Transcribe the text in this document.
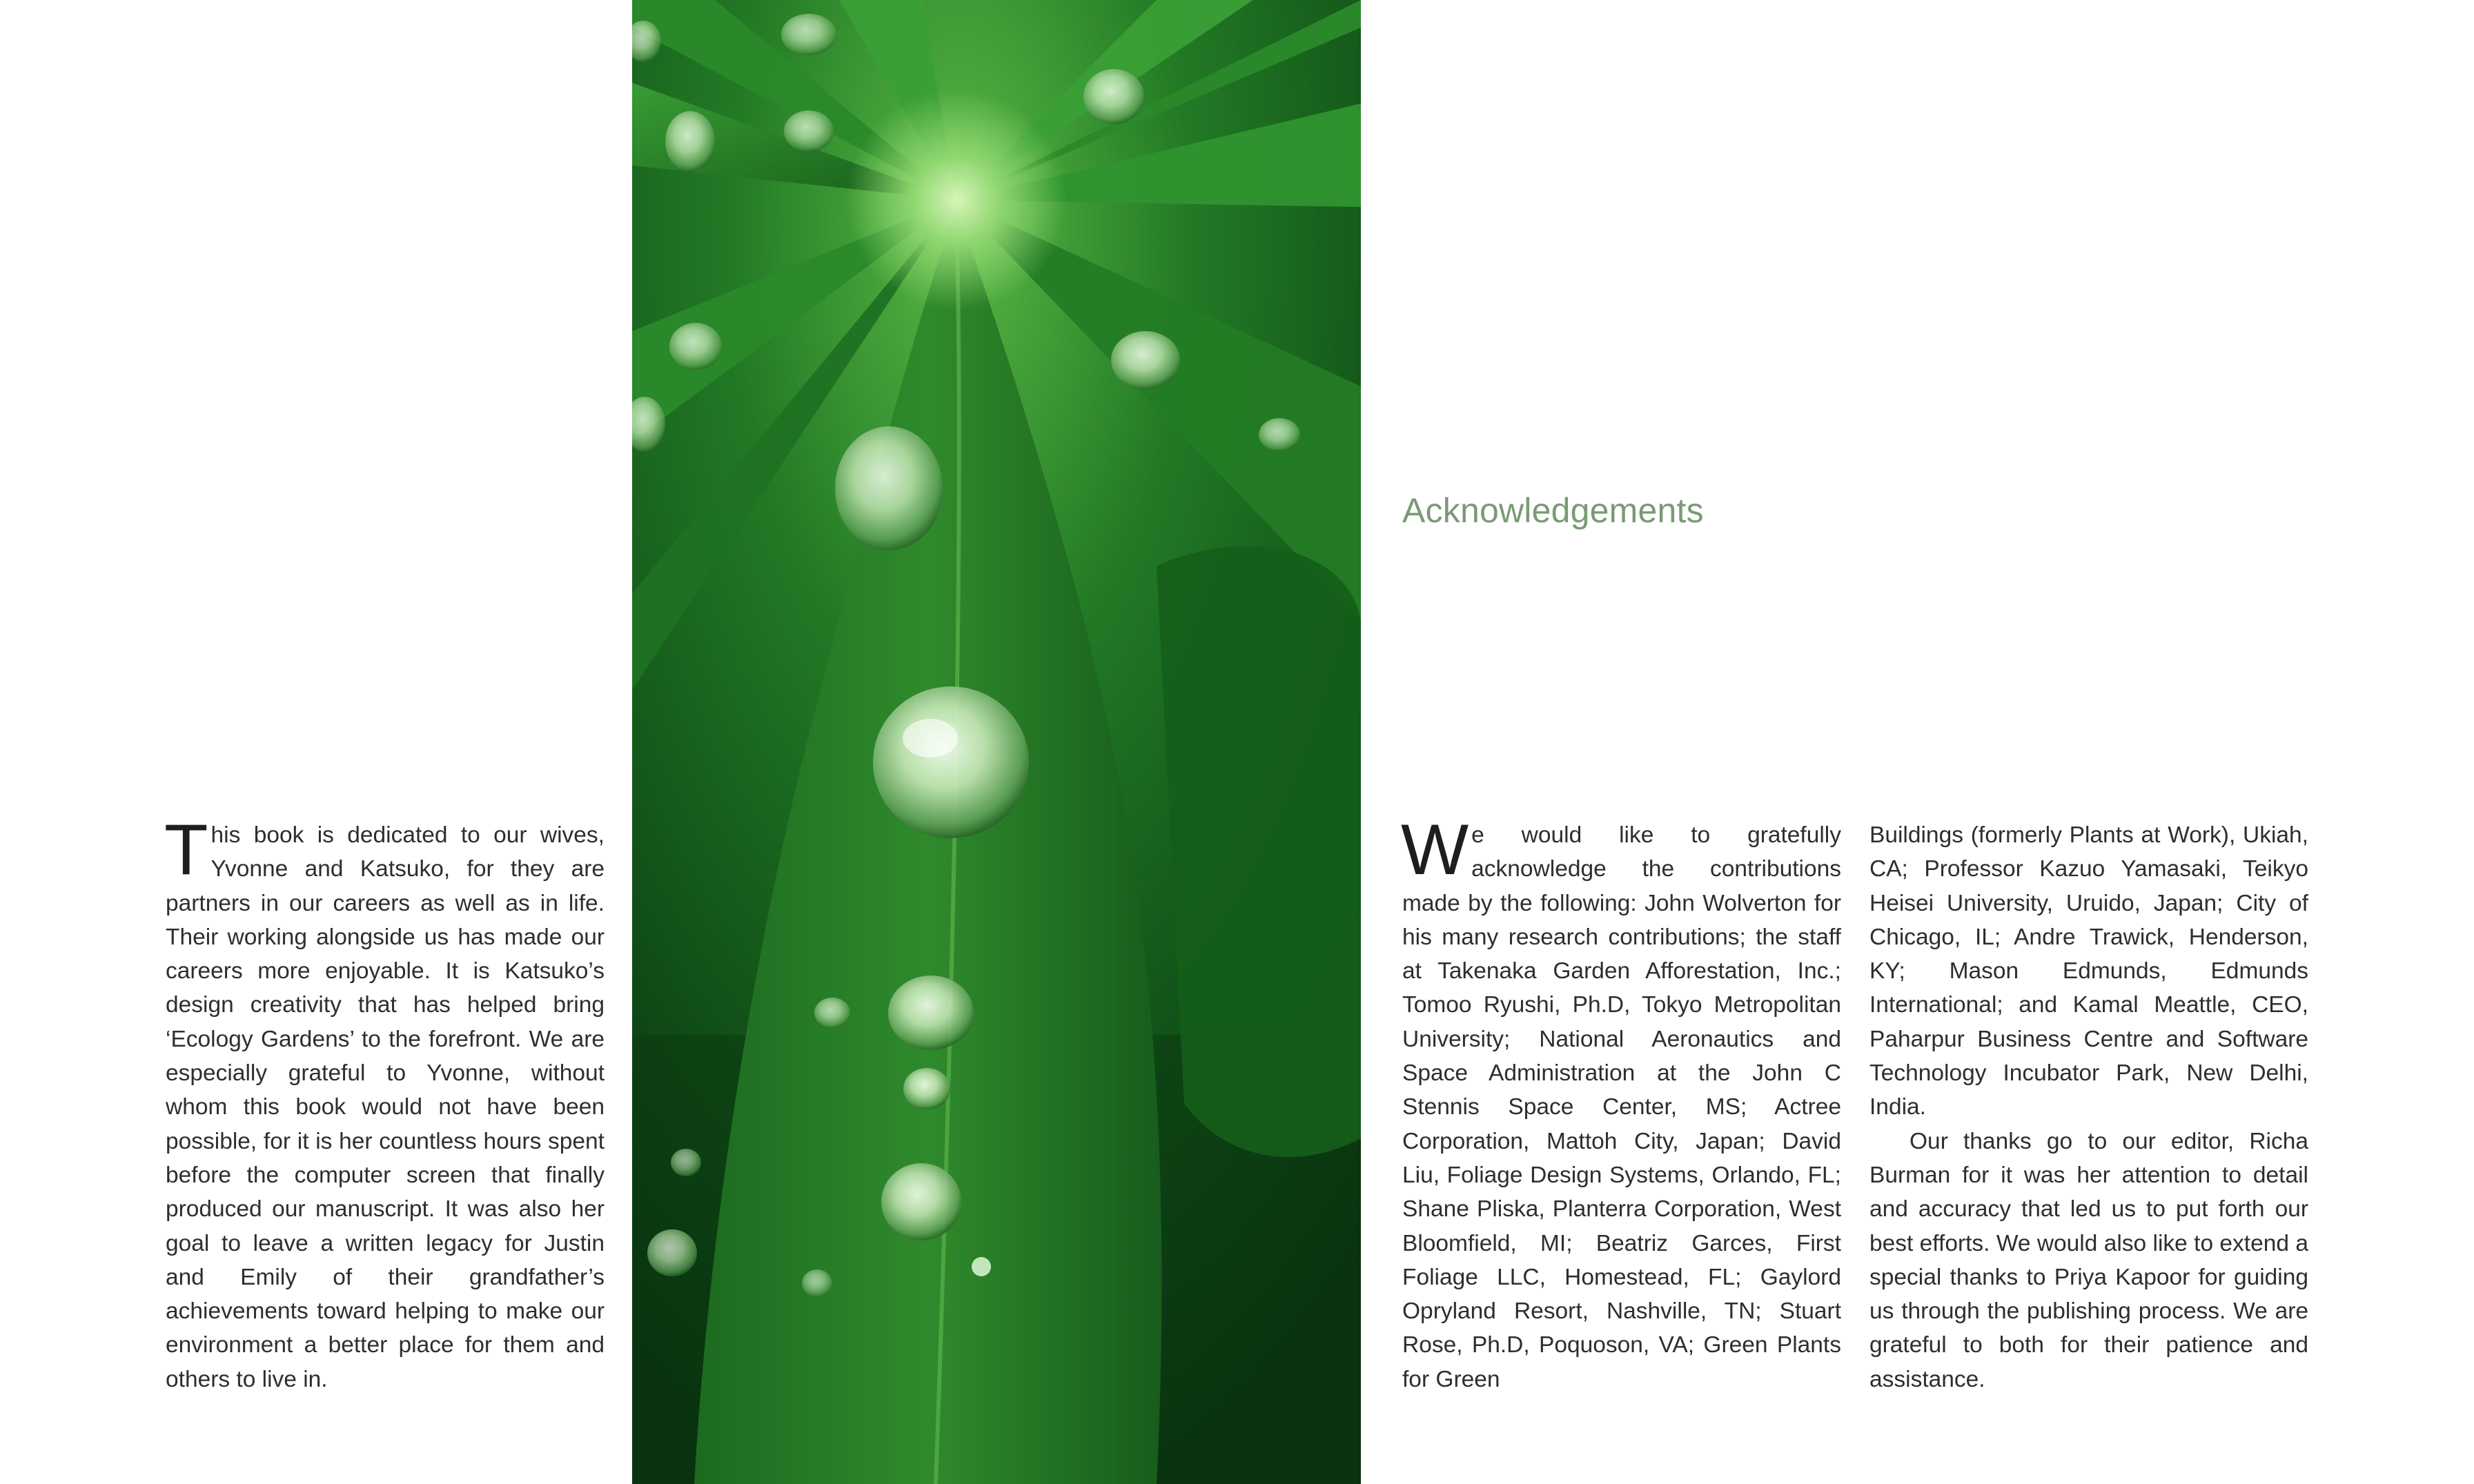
This book is dedicated to our wives, Yvonne and Katsuko, for they are partners in our careers as well as in life. Their working alongside us has made our careers more enjoyable. It is Katsuko’s design creativity that has helped bring ‘Ecology Gardens’ to the forefront. We are especially grateful to Yvonne, without whom this book would not have been possible, for it is her countless hours spent before the computer screen that finally produced our manuscript. It was also her goal to leave a written legacy for Justin and Emily of their grandfather’s achievements toward helping to make our environment a better place for them and others to live in.

Acknowledgements

We would like to gratefully acknowledge the contributions made by the following: John Wolverton for his many research contributions; the staff at Takenaka Garden Afforestation, Inc.; Tomoo Ryushi, Ph.D, Tokyo Metropolitan University; National Aeronautics and Space Administration at the John C Stennis Space Center, MS; Actree Corporation, Mattoh City, Japan; David Liu, Foliage Design Systems, Orlando, FL; Shane Pliska, Planterra Corporation, West Bloomfield, MI; Beatriz Garces, First Foliage LLC, Homestead, FL; Gaylord Opryland Resort, Nashville, TN; Stuart Rose, Ph.D, Poquoson, VA; Green Plants for Green

Buildings (formerly Plants at Work), Ukiah, CA; Professor Kazuo Yamasaki, Teikyo Heisei University, Uruido, Japan; City of Chicago, IL; Andre Trawick, Henderson, KY; Mason Edmunds, Edmunds International; and Kamal Meattle, CEO, Paharpur Business Centre and Software Technology Incubator Park, New Delhi, India.
Our thanks go to our editor, Richa Burman for it was her attention to detail and accuracy that led us to put forth our best efforts. We would also like to extend a special thanks to Priya Kapoor for guiding us through the publishing process. We are grateful to both for their patience and assistance.
